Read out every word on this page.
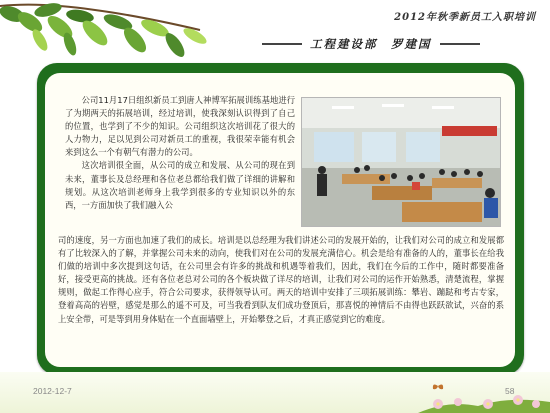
2012年秋季新员工入职培训
工程建设部　罗建国

公司11月17日组织新员工到唐人神博军拓展训练基地进行了为期两天的拓展培训，经过培训，使我深刻认识得到了自己的位置，也学到了不少的知识。公司组织这次培训花了很大的人力物力，足以见到公司对新员工的重视，我很荣幸能有机会来到这么一个有朝气有潜力的公司。

这次培训很全面，从公司的成立和发展、从公司的现在到未来，董事长及总经理和各位老总都给我们做了详细的讲解和规划。从这次培训老师身上我学到很多的专业知识以外的东西，一方面加快了我们融入公

司的速度，另一方面也加速了我们的成长。培训是以总经理为我们讲述公司的发展开始的，让我们对公司的成立和发展都有了比较深入的了解，并掌握公司未来的动向，使我们对在公司的发展充满信心。机会是给有准备的人的，董事长在给我们做的培训中多次提到这句话，在公司里会有许多的挑战和机遇等着我们，因此，我们在今后的工作中，随时都要准备好，接受更高的挑战。还有各位老总对公司的各个板块做了详尽的培训，让我们对公司的运作开始熟悉，清楚流程，掌握规则，做起工作得心应手，符合公司要求，获得领导认可。两天的培训中安排了三项拓展训练：攀岩、蹦跶和考古专家，登着高高的岩壁，感觉是那么的遥不可及，可当我看到队友们成功登顶后，那喜悦的神情后不由得也跃跃欲试，兴奋的系上安全带，可是等到用身体贴在一个直面墙壁上，开始攀登之后，才真正感觉到它的难度。

2012-12-7	58
